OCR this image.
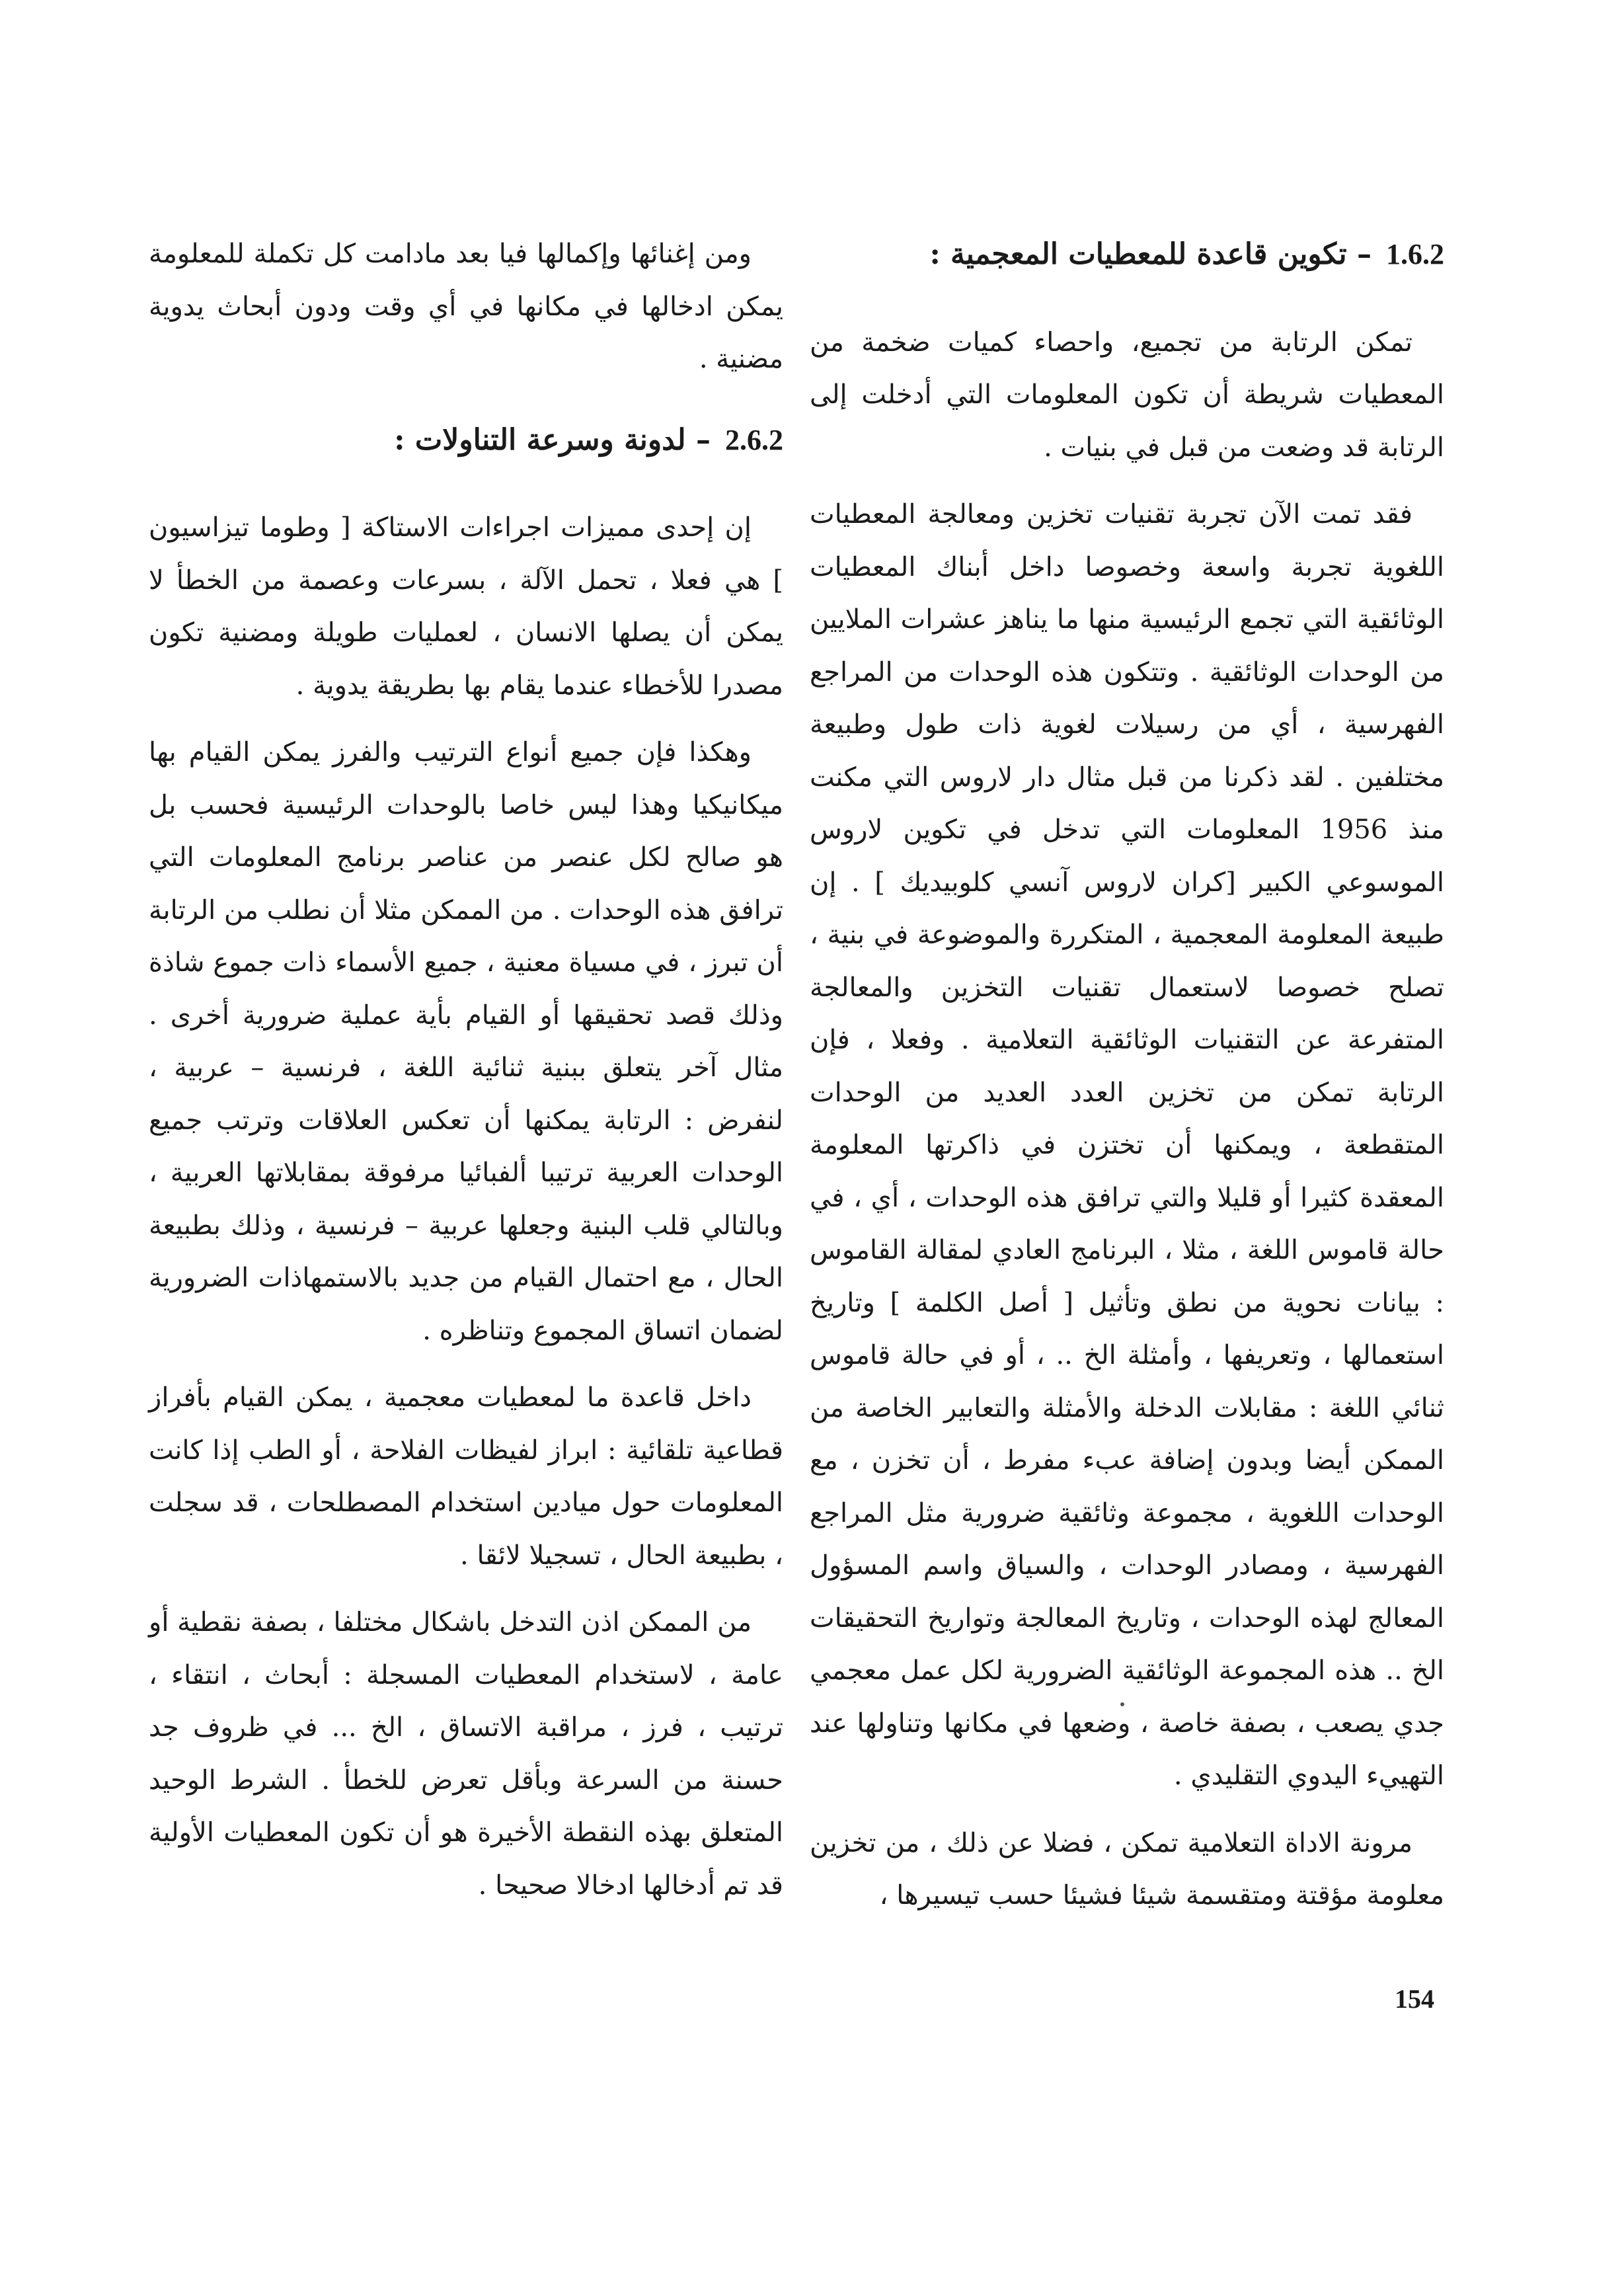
1.6.2– تكوين قاعدة للمعطيات المعجمية :

تمكن الرتابة من تجميع، واحصاء كميات ضخمة من المعطيات شريطة أن تكون المعلومات التي أدخلت إلى الرتابة قد وضعت من قبل في بنيات .

فقد تمت الآن تجربة تقنيات تخزين ومعالجة المعطيات اللغوية تجربة واسعة وخصوصا داخل أبناك المعطيات الوثائقية التي تجمع الرئيسية منها ما يناهز عشرات الملايين من الوحدات الوثائقية . وتتكون هذه الوحدات من المراجع الفهرسية ، أي من رسيلات لغوية ذات طول وطبيعة مختلفين . لقد ذكرنا من قبل مثال دار لاروس التي مكنت منذ 1956 المعلومات التي تدخل في تكوين لاروس الموسوعي الكبير [كران لاروس آنسي كلوبيديك ] . إن طبيعة المعلومة المعجمية ، المتكررة والموضوعة في بنية ، تصلح خصوصا لاستعمال تقنيات التخزين والمعالجة المتفرعة عن التقنيات الوثائقية التعلامية . وفعلا ، فإن الرتابة تمكن من تخزين العدد العديد من الوحدات المتقطعة ، ويمكنها أن تختزن في ذاكرتها المعلومة المعقدة كثيرا أو قليلا والتي ترافق هذه الوحدات ، أي ، في حالة قاموس اللغة ، مثلا ، البرنامج العادي لمقالة القاموس : بيانات نحوية من نطق وتأثيل [ أصل الكلمة ] وتاريخ استعمالها ، وتعريفها ، وأمثلة الخ .. ، أو في حالة قاموس ثنائي اللغة : مقابلات الدخلة والأمثلة والتعابير الخاصة من الممكن أيضا وبدون إضافة عبء مفرط ، أن تخزن ، مع الوحدات اللغوية ، مجموعة وثائقية ضرورية مثل المراجع الفهرسية ، ومصادر الوحدات ، والسياق واسم المسؤول المعالج لهذه الوحدات ، وتاريخ المعالجة وتواريخ التحقيقات الخ .. هذه المجموعة الوثائقية الضرورية لكل عمل معجمي جدي يصعب ، بصفة خاصة ، وضعها في مكانها وتناولها عند التهييء اليدوي التقليدي .

مرونة الاداة التعلامية تمكن ، فضلا عن ذلك ، من تخزين معلومة مؤقتة ومتقسمة شيئا فشيئا حسب تيسيرها ،

ومن إغنائها وإكمالها فيا بعد مادامت كل تكملة للمعلومة يمكن ادخالها في مكانها في أي وقت ودون أبحاث يدوية مضنية .

2.6.2– لدونة وسرعة التناولات :

إن إحدى مميزات اجراءات الاستاكة [ وطوما تيزاسيون ] هي فعلا ، تحمل الآلة ، بسرعات وعصمة من الخطأ لا يمكن أن يصلها الانسان ، لعمليات طويلة ومضنية تكون مصدرا للأخطاء عندما يقام بها بطريقة يدوية .

وهكذا فإن جميع أنواع الترتيب والفرز يمكن القيام بها ميكانيكيا وهذا ليس خاصا بالوحدات الرئيسية فحسب بل هو صالح لكل عنصر من عناصر برنامج المعلومات التي ترافق هذه الوحدات . من الممكن مثلا أن نطلب من الرتابة أن تبرز ، في مسياة معنية ، جميع الأسماء ذات جموع شاذة وذلك قصد تحقيقها أو القيام بأية عملية ضرورية أخرى . مثال آخر يتعلق ببنية ثنائية اللغة ، فرنسية – عربية ، لنفرض : الرتابة يمكنها أن تعكس العلاقات وترتب جميع الوحدات العربية ترتيبا ألفبائيا مرفوقة بمقابلاتها العربية ، وبالتالي قلب البنية وجعلها عربية – فرنسية ، وذلك بطبيعة الحال ، مع احتمال القيام من جديد بالاستمهاذات الضرورية لضمان اتساق المجموع وتناظره .

داخل قاعدة ما لمعطيات معجمية ، يمكن القيام بأفراز قطاعية تلقائية : ابراز لفيظات الفلاحة ، أو الطب إذا كانت المعلومات حول ميادين استخدام المصطلحات ، قد سجلت ، بطبيعة الحال ، تسجيلا لائقا .

من الممكن اذن التدخل باشكال مختلفا ، بصفة نقطية أو عامة ، لاستخدام المعطيات المسجلة : أبحاث ، انتقاء ، ترتيب ، فرز ، مراقبة الاتساق ، الخ ... في ظروف جد حسنة من السرعة وبأقل تعرض للخطأ . الشرط الوحيد المتعلق بهذه النقطة الأخيرة هو أن تكون المعطيات الأولية قد تم أدخالها ادخالا صحيحا .

154
